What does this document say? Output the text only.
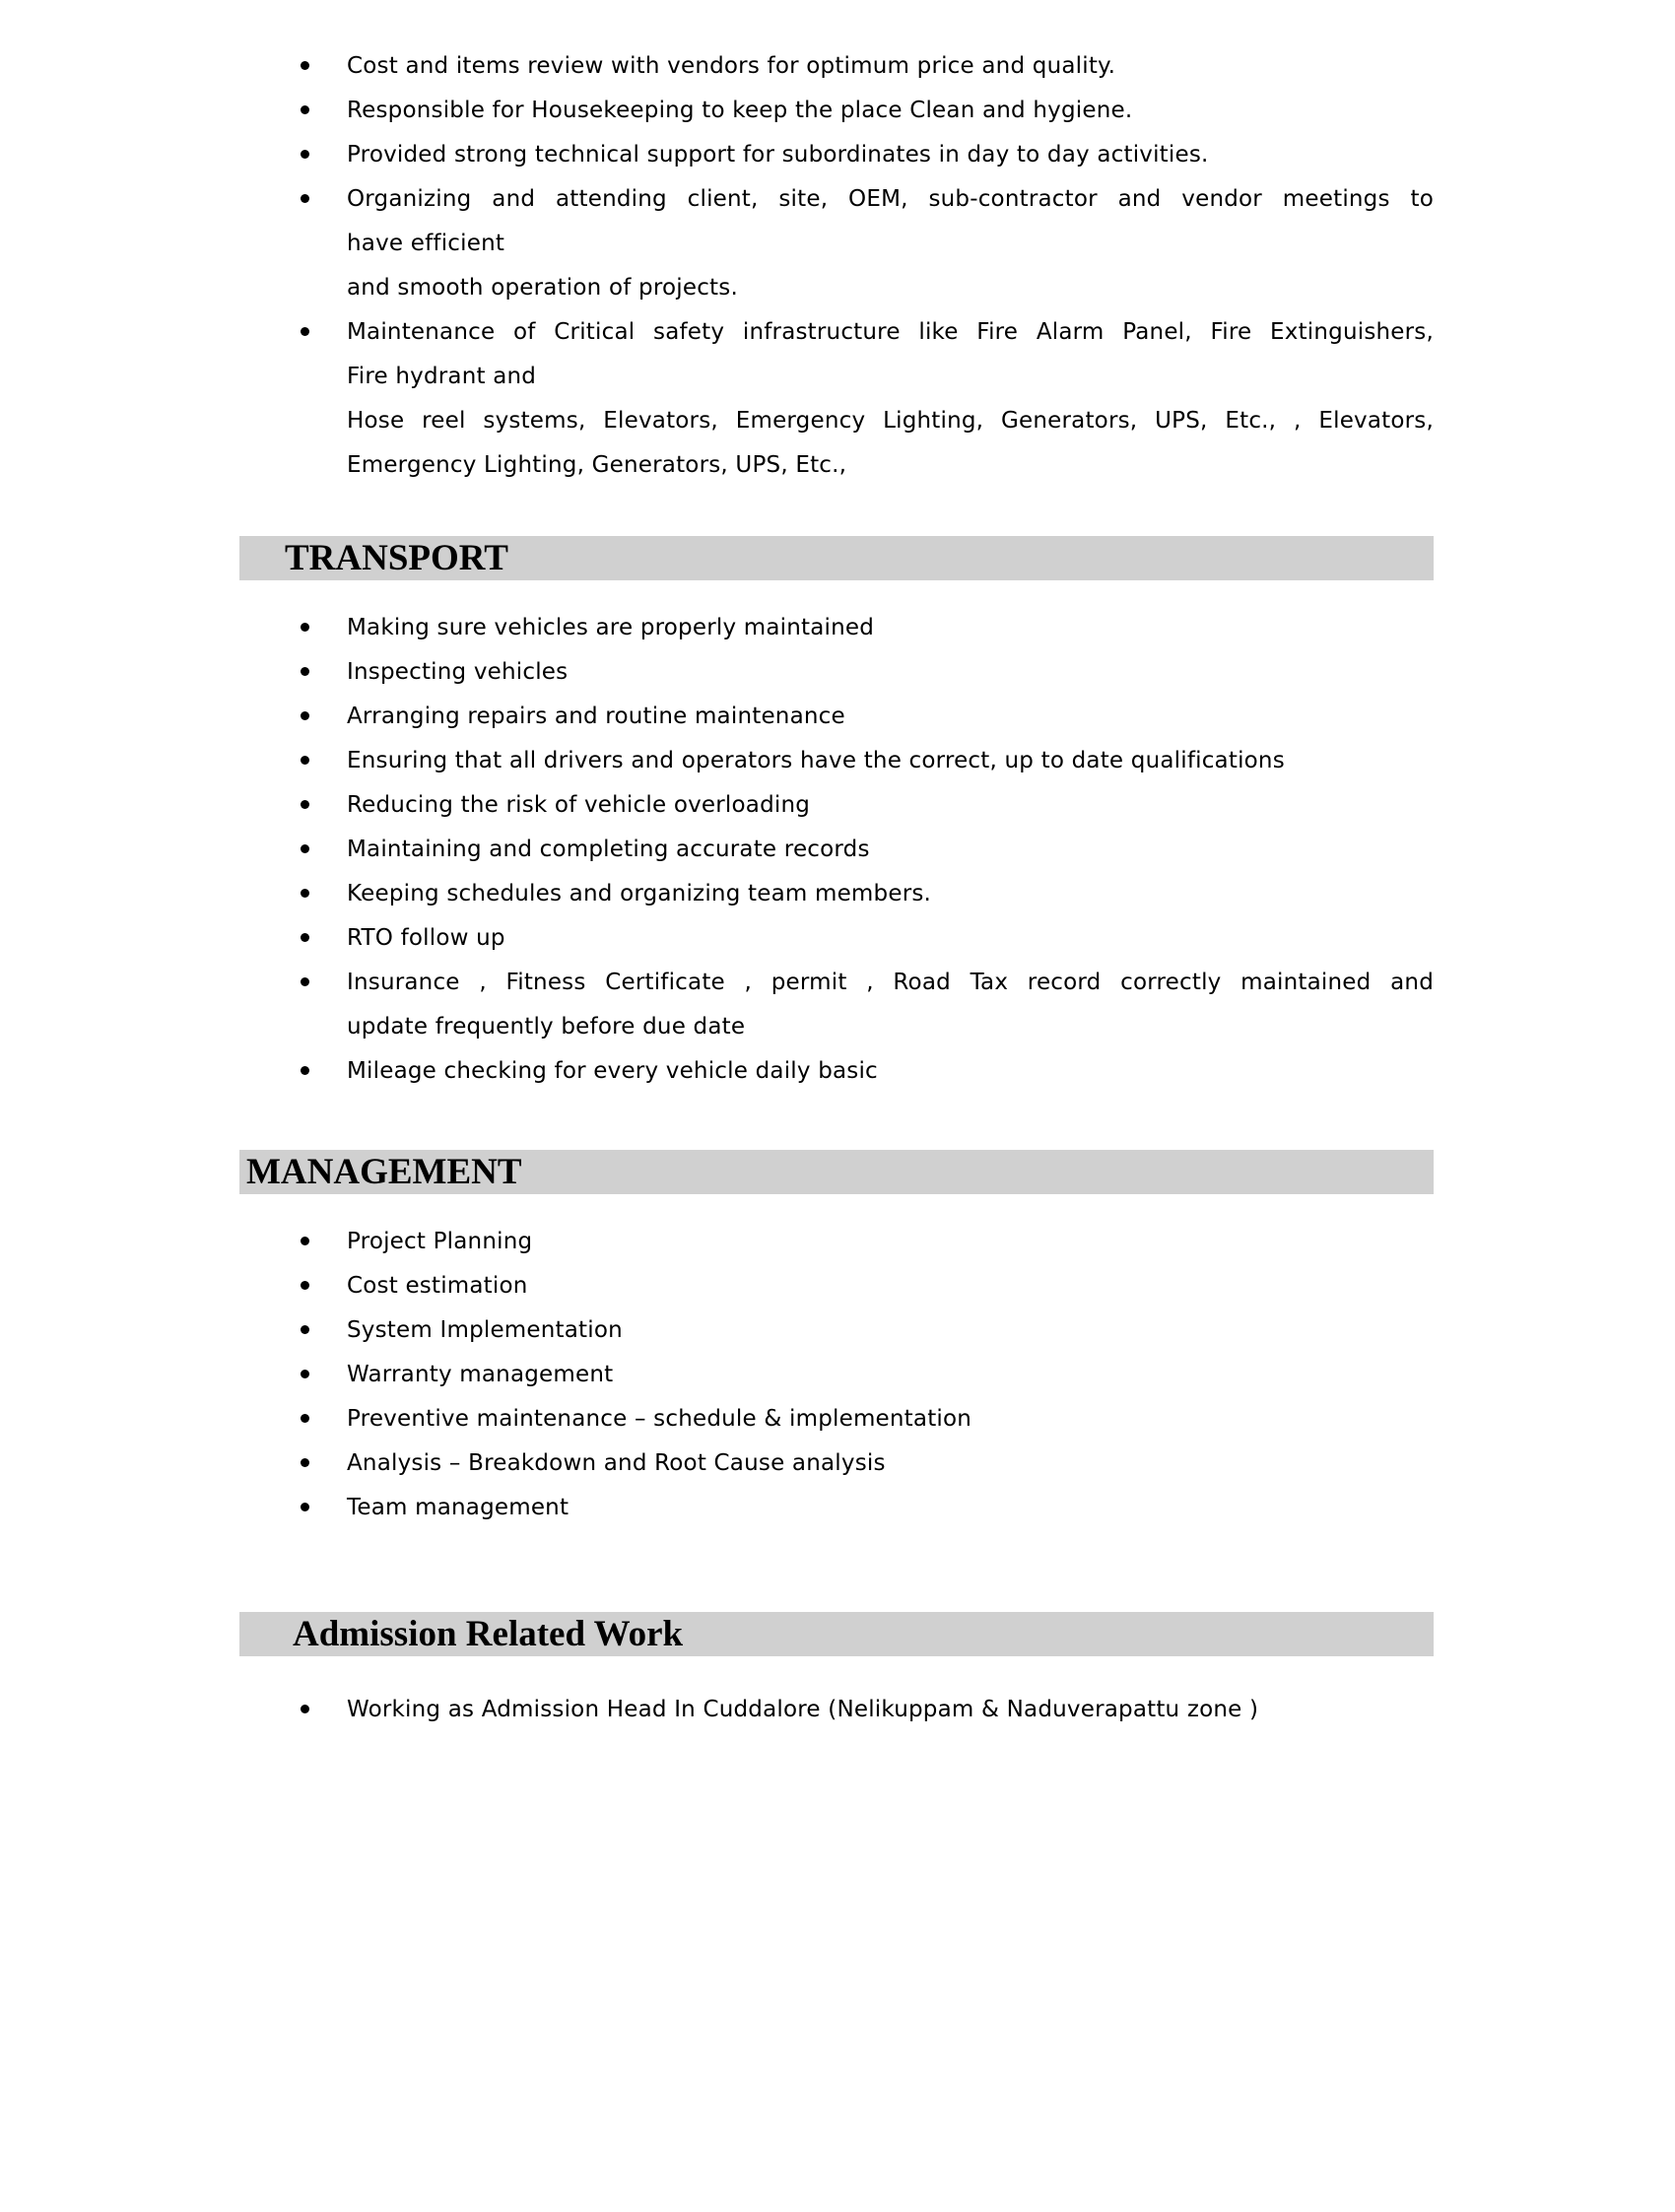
Cost and items review with vendors for optimum price and quality.
Responsible for Housekeeping to keep the place Clean and hygiene.
Provided strong technical support for subordinates in day to day activities.
Organizing and attending client, site, OEM, sub-contractor and vendor meetings to
have efficient
and smooth operation of projects.
Maintenance of Critical safety infrastructure like Fire Alarm Panel, Fire Extinguishers,
Fire hydrant and
Hose reel systems, Elevators, Emergency Lighting, Generators, UPS, Etc., , Elevators,
Emergency Lighting, Generators, UPS, Etc.,
TRANSPORT
Making sure vehicles are properly maintained
Inspecting vehicles
Arranging repairs and routine maintenance
Ensuring that all drivers and operators have the correct, up to date qualifications
Reducing the risk of vehicle overloading
Maintaining and completing accurate records
Keeping schedules and organizing team members.
RTO follow up
Insurance , Fitness Certificate , permit , Road Tax record correctly maintained and
update frequently before due date
Mileage checking for every vehicle daily basic
MANAGEMENT
Project Planning
Cost estimation
System Implementation
Warranty management
Preventive maintenance – schedule & implementation
Analysis – Breakdown and Root Cause analysis
Team management
Admission Related Work
Working as Admission Head In Cuddalore (Nelikuppam & Naduverapattu zone )
